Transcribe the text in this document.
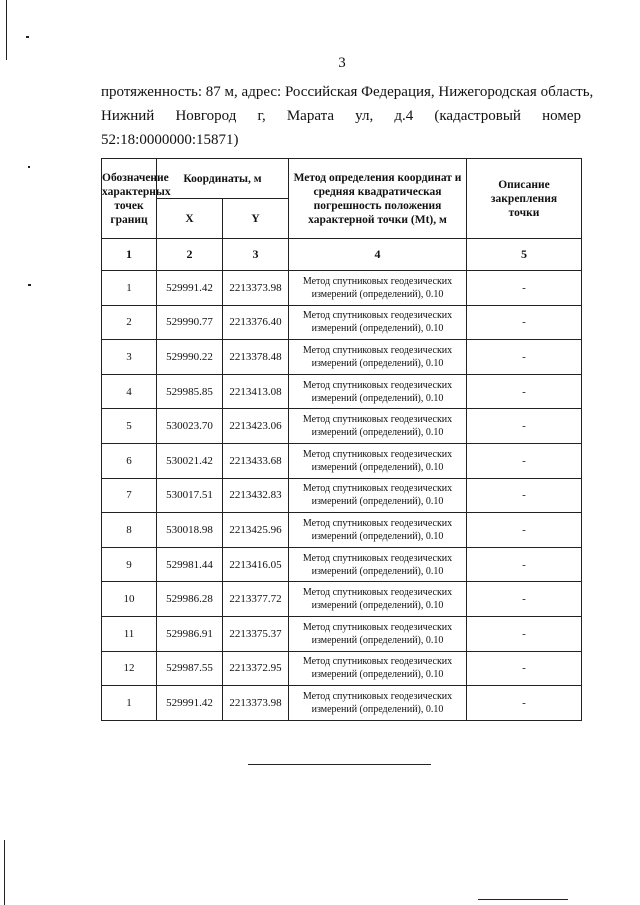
3
протяженность: 87 м, адрес: Российская Федерация, Нижегородская область,
Нижний Новгород г, Марата ул, д.4 (кадастровый номер
52:18:0000000:15871)
Обозначение характерных точек границ	Координаты, м		Метод определения координат и средняя квадратическая погрешность положения характерной точки (Mt), м	Описание закрепления точки
	X	Y		
1	2	3	4	5
1	529991.42	2213373.98	Метод спутниковых геодезических измерений (определений), 0.10	-
2	529990.77	2213376.40	Метод спутниковых геодезических измерений (определений), 0.10	-
3	529990.22	2213378.48	Метод спутниковых геодезических измерений (определений), 0.10	-
4	529985.85	2213413.08	Метод спутниковых геодезических измерений (определений), 0.10	-
5	530023.70	2213423.06	Метод спутниковых геодезических измерений (определений), 0.10	-
6	530021.42	2213433.68	Метод спутниковых геодезических измерений (определений), 0.10	-
7	530017.51	2213432.83	Метод спутниковых геодезических измерений (определений), 0.10	-
8	530018.98	2213425.96	Метод спутниковых геодезических измерений (определений), 0.10	-
9	529981.44	2213416.05	Метод спутниковых геодезических измерений (определений), 0.10	-
10	529986.28	2213377.72	Метод спутниковых геодезических измерений (определений), 0.10	-
11	529986.91	2213375.37	Метод спутниковых геодезических измерений (определений), 0.10	-
12	529987.55	2213372.95	Метод спутниковых геодезических измерений (определений), 0.10	-
1	529991.42	2213373.98	Метод спутниковых геодезических измерений (определений), 0.10	-
